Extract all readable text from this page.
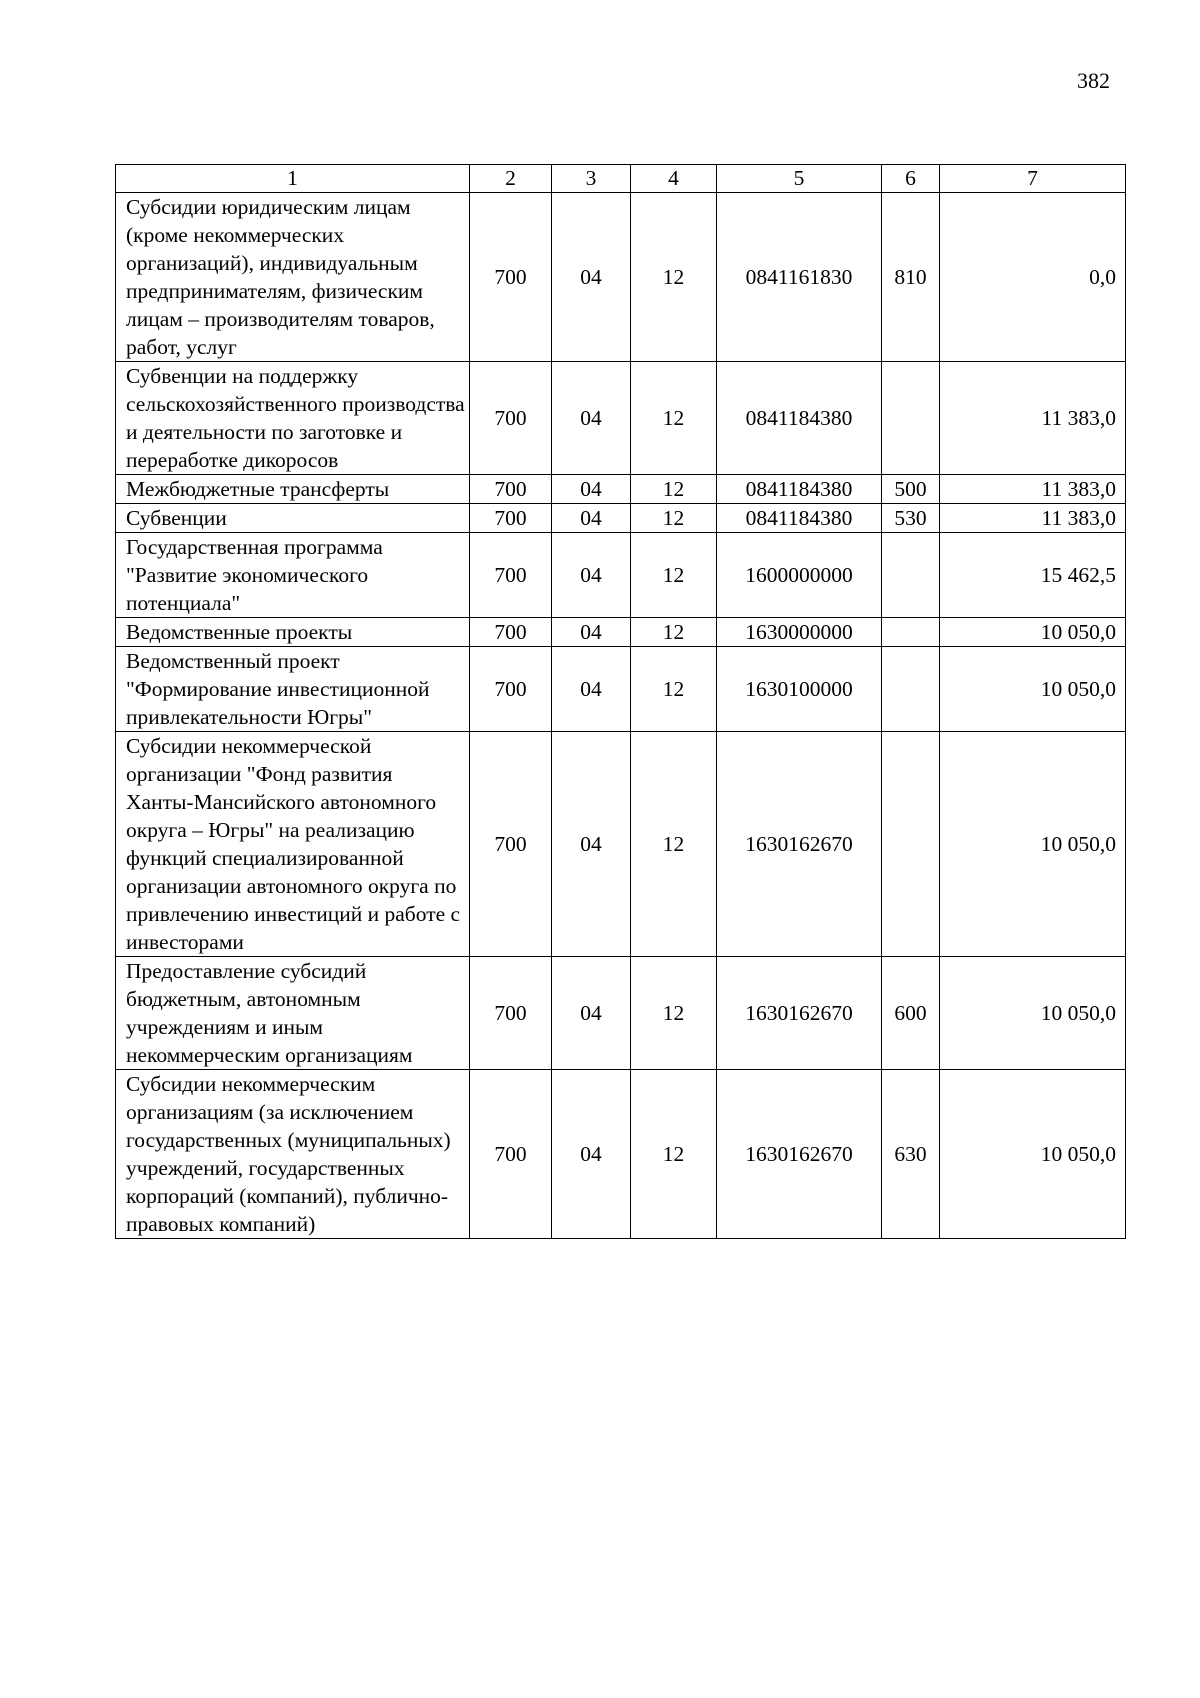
382
1	2	3	4	5	6	7
Субсидии юридическим лицам (кроме некоммерческих организаций), индивидуальным предпринимателям, физическим лицам – производителям товаров, работ, услуг	700	04	12	0841161830	810	0,0
Субвенции на поддержку сельскохозяйственного производства и деятельности по заготовке и переработке дикоросов	700	04	12	0841184380		11 383,0
Межбюджетные трансферты	700	04	12	0841184380	500	11 383,0
Субвенции	700	04	12	0841184380	530	11 383,0
Государственная программа "Развитие экономического потенциала"	700	04	12	1600000000		15 462,5
Ведомственные проекты	700	04	12	1630000000		10 050,0
Ведомственный проект "Формирование инвестиционной привлекательности Югры"	700	04	12	1630100000		10 050,0
Субсидии некоммерческой организации "Фонд развития Ханты-Мансийского автономного округа – Югры" на реализацию функций специализированной организации автономного округа по привлечению инвестиций и работе с инвесторами	700	04	12	1630162670		10 050,0
Предоставление субсидий бюджетным, автономным учреждениям и иным некоммерческим организациям	700	04	12	1630162670	600	10 050,0
Субсидии некоммерческим организациям (за исключением государственных (муниципальных) учреждений, государственных корпораций (компаний), публично-правовых компаний)	700	04	12	1630162670	630	10 050,0
